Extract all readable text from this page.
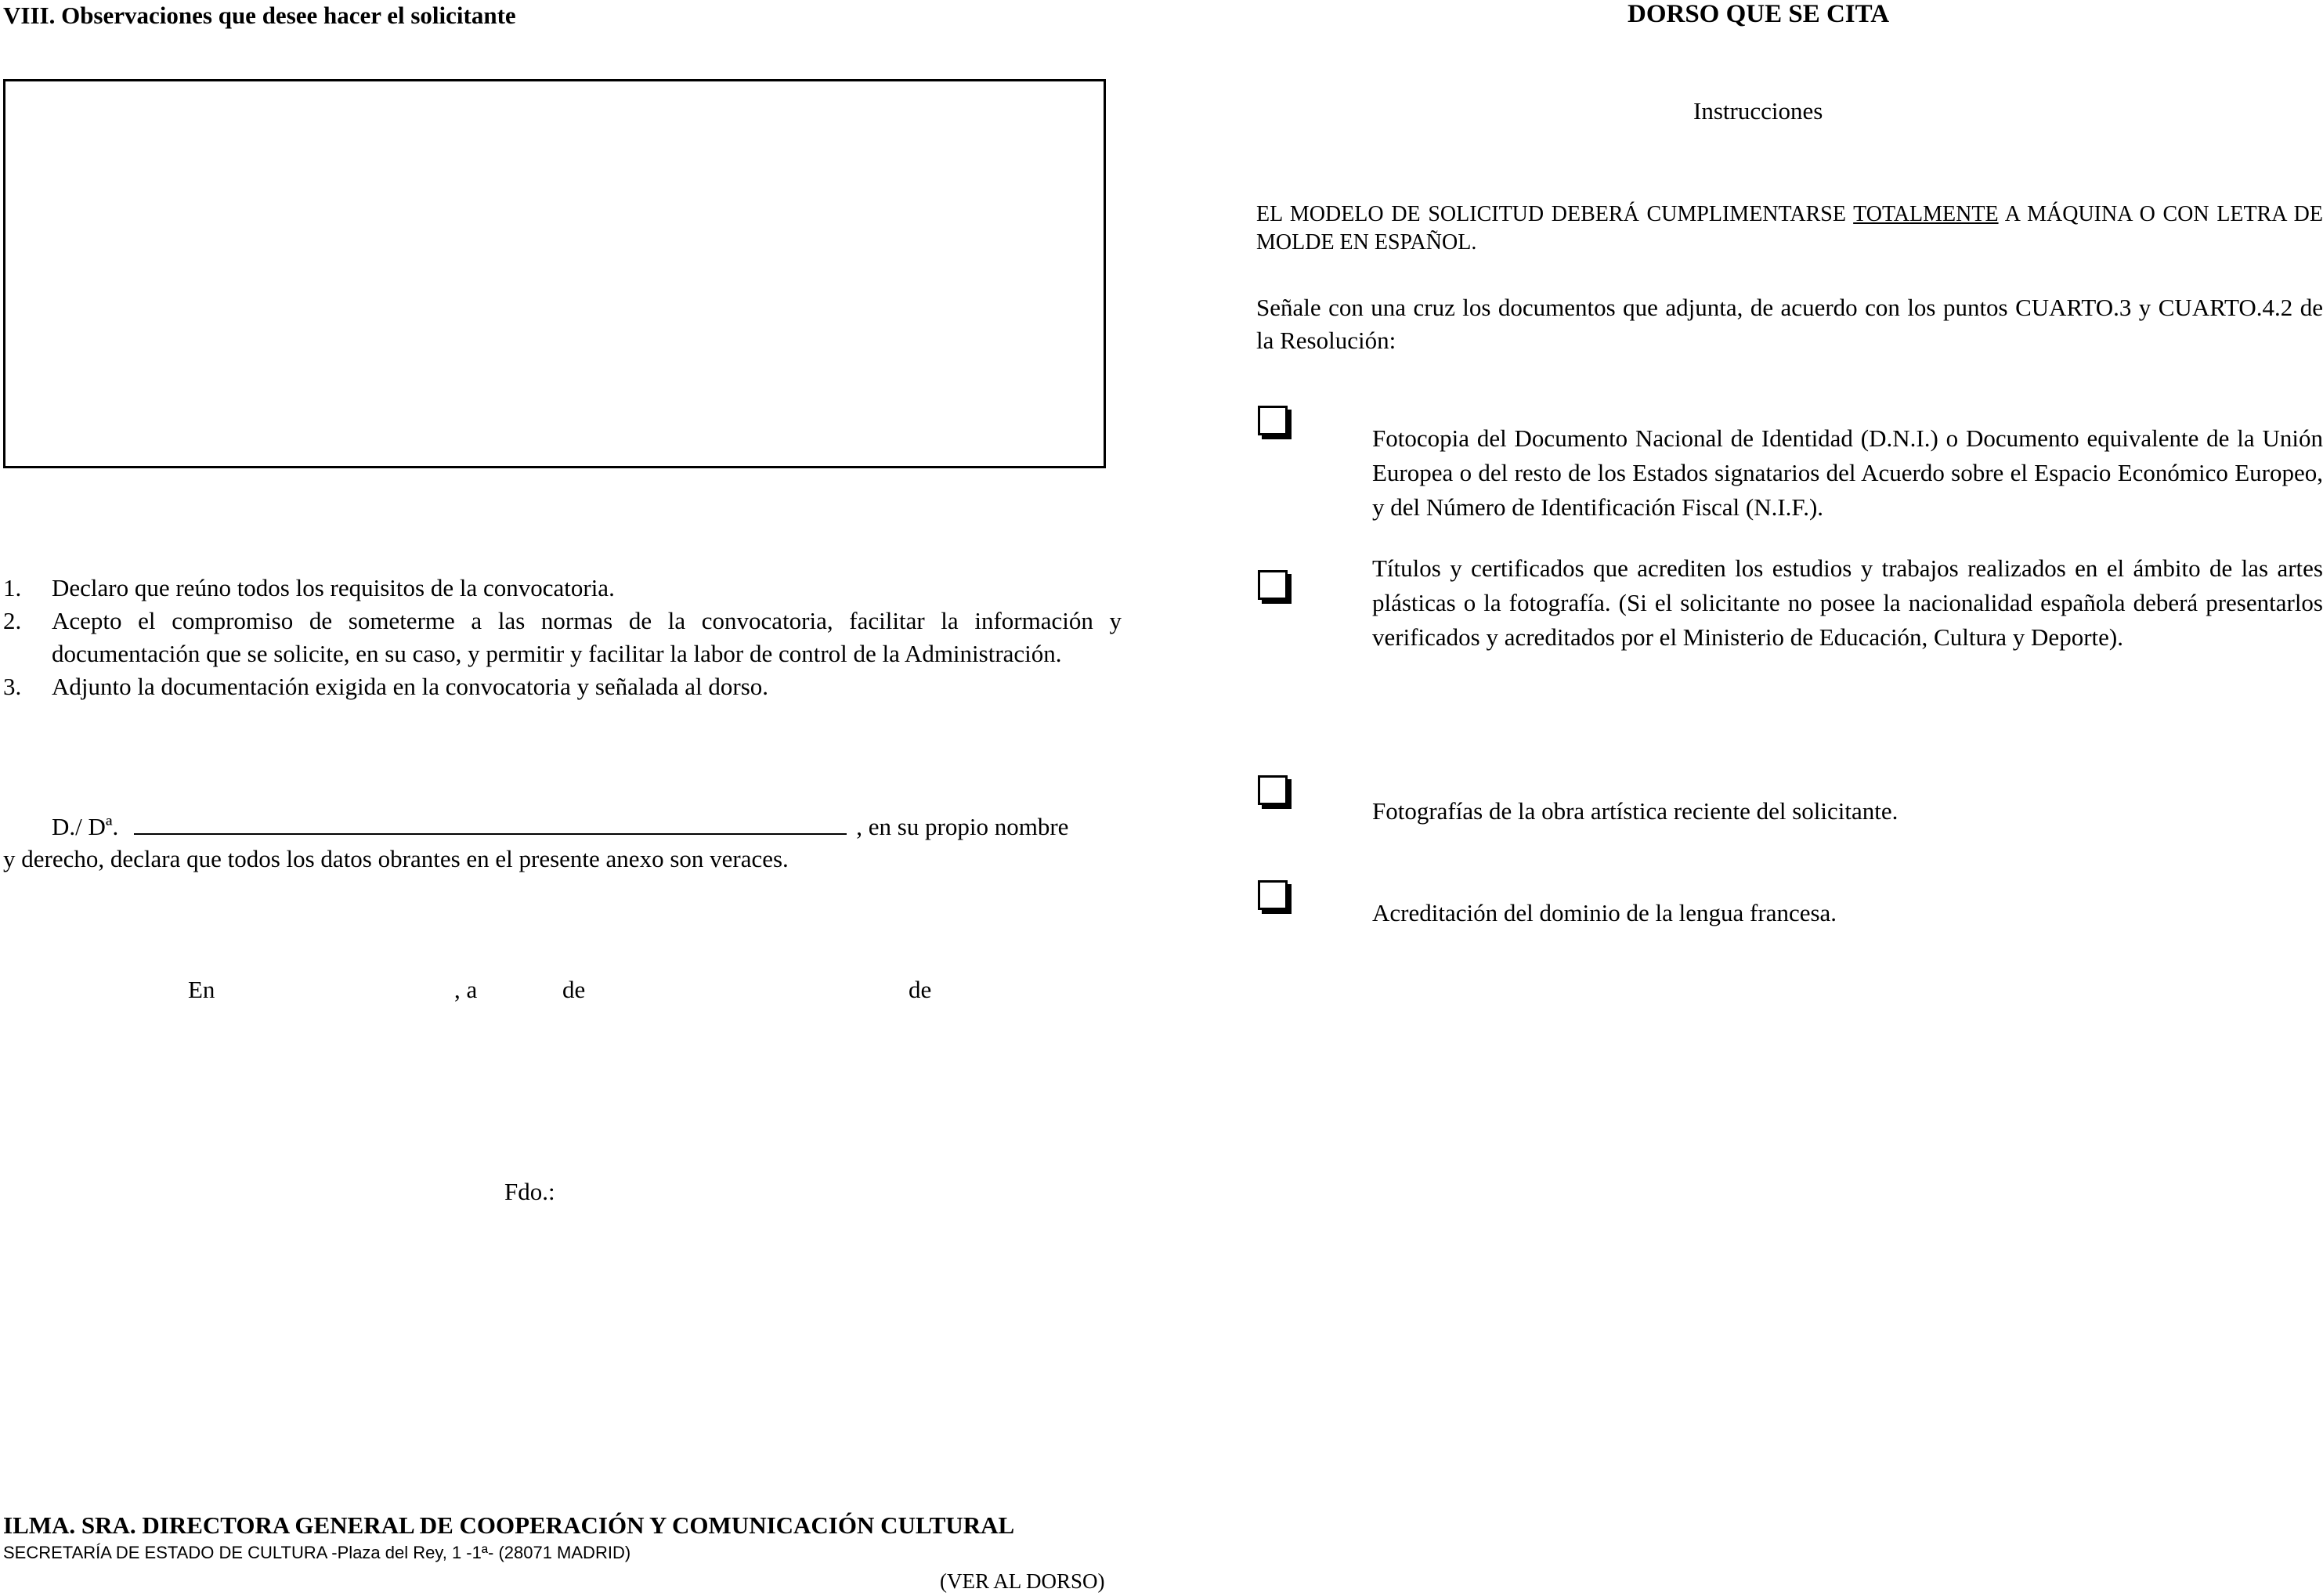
VIII. Observaciones que desee hacer el solicitante
1. Declaro que reúno todos los requisitos de la convocatoria.
2. Acepto el compromiso de someterme a las normas de la convocatoria, facilitar la información y documentación que se solicite, en su caso, y permitir y facilitar la labor de control de la Administración.
3. Adjunto la documentación exigida en la convocatoria y señalada al dorso.
D./ Dª.	, en su propio nombre
y derecho, declara que todos los datos obrantes en el presente anexo son veraces.
En	, a	de	de
Fdo.:
ILMA. SRA. DIRECTORA GENERAL DE COOPERACIÓN Y COMUNICACIÓN CULTURAL
SECRETARÍA DE ESTADO DE CULTURA -Plaza del Rey, 1 -1ª- (28071 MADRID)
(VER AL DORSO)
DORSO QUE SE CITA
Instrucciones
EL MODELO DE SOLICITUD DEBERÁ CUMPLIMENTARSE TOTALMENTE A MÁQUINA O CON LETRA DE MOLDE EN ESPAÑOL.
Señale con una cruz los documentos que adjunta, de acuerdo con los puntos CUARTO.3 y CUARTO.4.2 de la Resolución:
Fotocopia del Documento Nacional de Identidad (D.N.I.) o Documento equivalente de la Unión Europea o del resto de los Estados signatarios del Acuerdo sobre el Espacio Económico Europeo, y del Número de Identificación Fiscal (N.I.F.).
Títulos y certificados que acrediten los estudios y trabajos realizados en el ámbito de las artes plásticas o la fotografía. (Si el solicitante no posee la nacionalidad española deberá presentarlos verificados y acreditados por el Ministerio de Educación, Cultura y Deporte).
Fotografías de la obra artística reciente del solicitante.
Acreditación del dominio de la lengua francesa.
